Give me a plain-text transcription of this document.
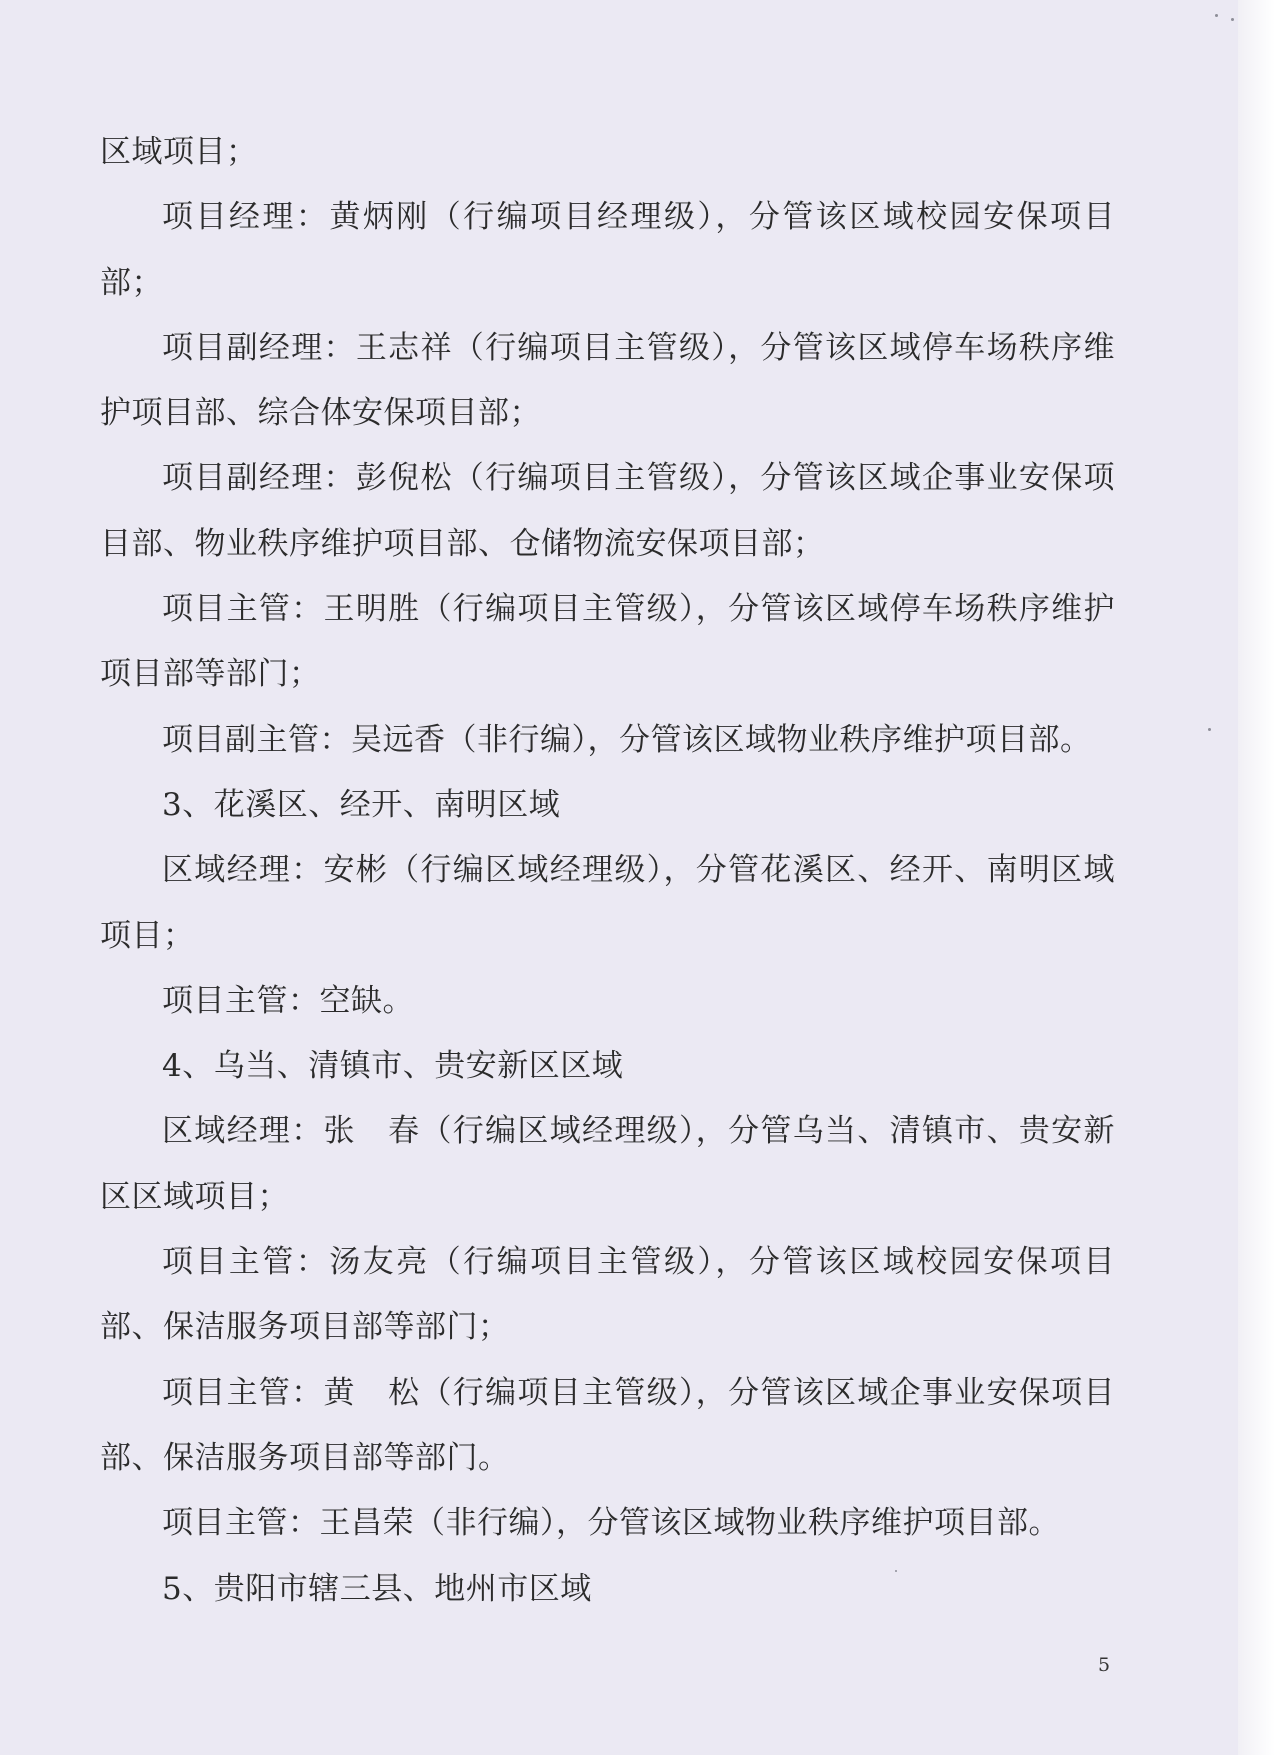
区域项目；

项目经理：黄炳刚（行编项目经理级），分管该区域校园安保项目部；

项目副经理：王志祥（行编项目主管级），分管该区域停车场秩序维护项目部、综合体安保项目部；

项目副经理：彭倪松（行编项目主管级），分管该区域企事业安保项目部、物业秩序维护项目部、仓储物流安保项目部；

项目主管：王明胜（行编项目主管级），分管该区域停车场秩序维护项目部等部门；

项目副主管：吴远香（非行编），分管该区域物业秩序维护项目部。

3、花溪区、经开、南明区域

区域经理：安彬（行编区域经理级），分管花溪区、经开、南明区域项目；

项目主管：空缺。

4、乌当、清镇市、贵安新区区域

区域经理：张　春（行编区域经理级），分管乌当、清镇市、贵安新区区域项目；

项目主管：汤友亮（行编项目主管级），分管该区域校园安保项目部、保洁服务项目部等部门；

项目主管：黄　松（行编项目主管级），分管该区域企事业安保项目部、保洁服务项目部等部门。

项目主管：王昌荣（非行编），分管该区域物业秩序维护项目部。

5、贵阳市辖三县、地州市区域

5
